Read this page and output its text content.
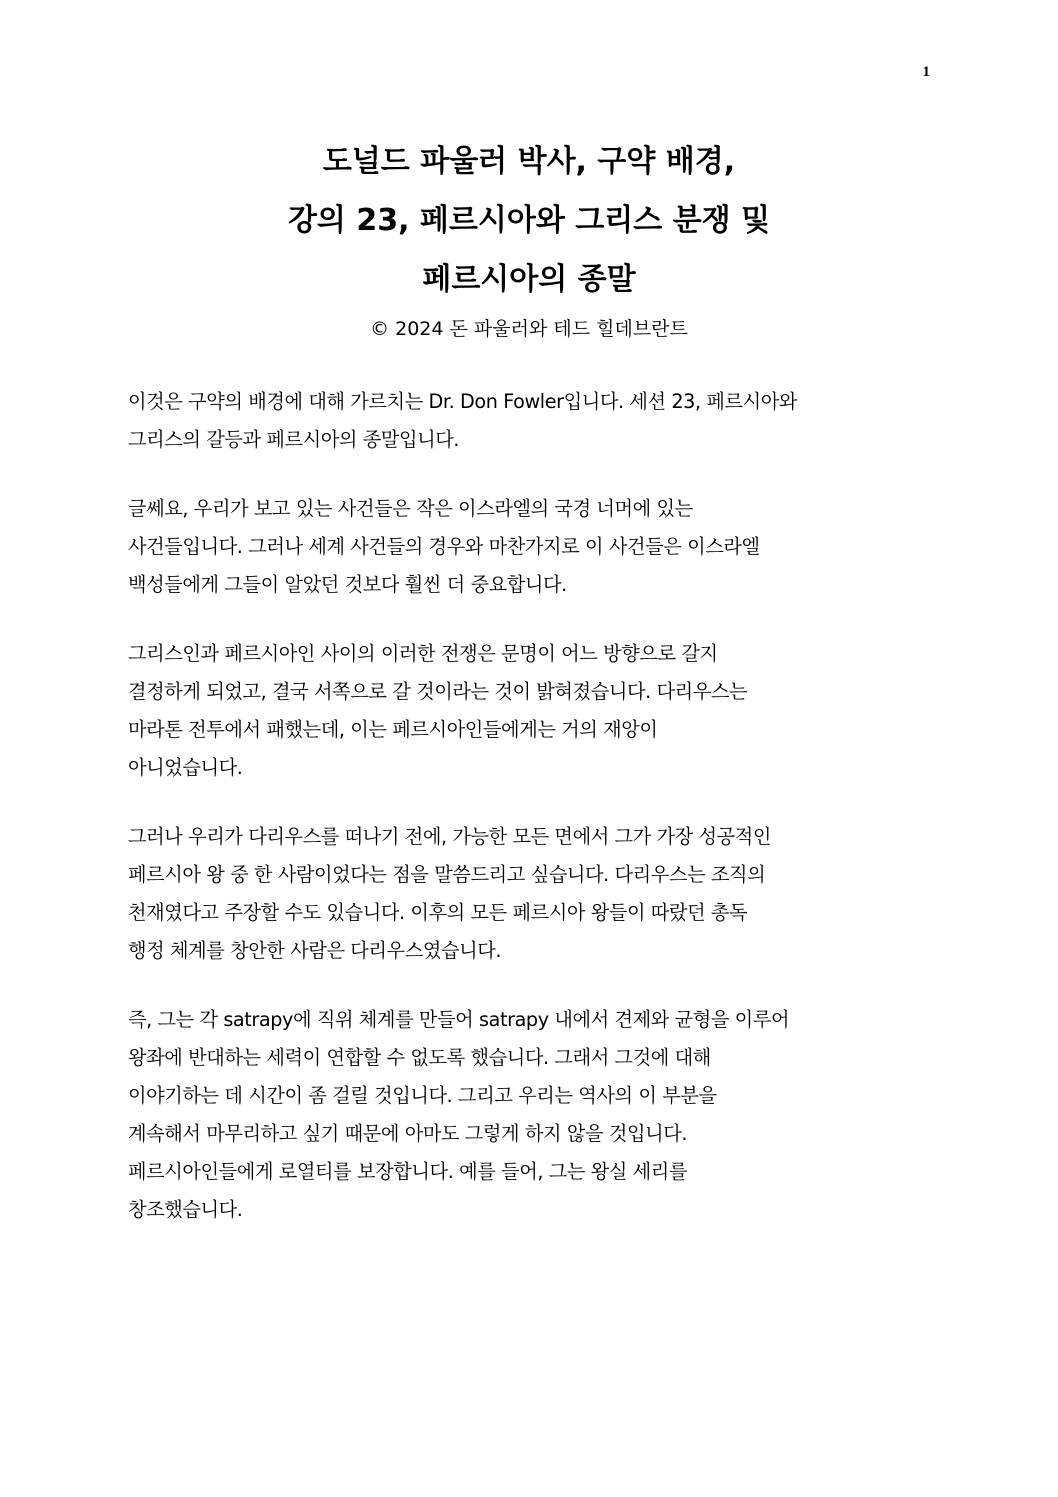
1
도널드 파울러 박사, 구약 배경,
강의 23, 페르시아와 그리스 분쟁 및
페르시아의 종말
© 2024 돈 파울러와 테드 힐데브란트

이것은 구약의 배경에 대해 가르치는 Dr. Don Fowler입니다. 세션 23, 페르시아와
그리스의 갈등과 페르시아의 종말입니다.

글쎄요, 우리가 보고 있는 사건들은 작은 이스라엘의 국경 너머에 있는
사건들입니다. 그러나 세계 사건들의 경우와 마찬가지로 이 사건들은 이스라엘
백성들에게 그들이 알았던 것보다 훨씬 더 중요합니다.

그리스인과 페르시아인 사이의 이러한 전쟁은 문명이 어느 방향으로 갈지
결정하게 되었고, 결국 서쪽으로 갈 것이라는 것이 밝혀졌습니다. 다리우스는
마라톤 전투에서 패했는데, 이는 페르시아인들에게는 거의 재앙이
아니었습니다.

그러나 우리가 다리우스를 떠나기 전에, 가능한 모든 면에서 그가 가장 성공적인
페르시아 왕 중 한 사람이었다는 점을 말씀드리고 싶습니다. 다리우스는 조직의
천재였다고 주장할 수도 있습니다. 이후의 모든 페르시아 왕들이 따랐던 총독
행정 체계를 창안한 사람은 다리우스였습니다.

즉, 그는 각 satrapy에 직위 체계를 만들어 satrapy 내에서 견제와 균형을 이루어
왕좌에 반대하는 세력이 연합할 수 없도록 했습니다. 그래서 그것에 대해
이야기하는 데 시간이 좀 걸릴 것입니다. 그리고 우리는 역사의 이 부분을
계속해서 마무리하고 싶기 때문에 아마도 그렇게 하지 않을 것입니다.
페르시아인들에게 로열티를 보장합니다. 예를 들어, 그는 왕실 세리를
창조했습니다.
